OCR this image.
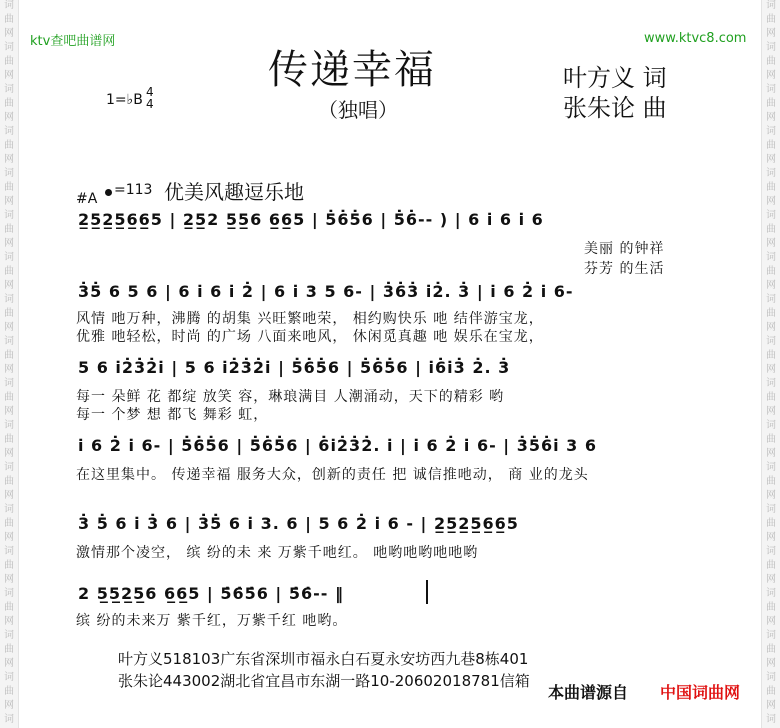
词
曲
网
词
曲
网
词
曲
网
词
曲
网
词
曲
网
词
曲
网
词
曲
网
词
曲
网
词
曲
网
词
曲
网
词
曲
网
词
曲
网
词
曲
网
词
曲
网
词
曲
网
词
曲
网
词
曲
网
词
词
曲
网
词
曲
网
词
曲
网
词
曲
网
词
曲
网
词
曲
网
词
曲
网
词
曲
网
词
曲
网
词
曲
网
词
曲
网
词
曲
网
词
曲
网
词
曲
网
词
曲
网
词
曲
网
词
曲
网
词
ktv查吧曲谱网	www.ktvc8.com
传递幸福
（独唱）
叶方义 词
张朱论 曲
1=♭B 4
4
#A
=113 优美风趣逗乐地
2̲5̲2̲5̲6̲6̲5 | 2̲5̲2 5̲5̲6 6̲6̲5 | 5̇6̇5̇6 | 5̇6̇-- ) | 6 i̇ 6 i̇ 6
美丽 的钟祥
芬芳 的生活
3̇5̇ 6 5 6 | 6 i̇ 6 i̇ 2̇ | 6 i̇ 3 5 6- | 3̇6̇3̇ i̇2̇. 3̇ | i̇ 6 2̇ i̇ 6-
风情 吔万种，沸腾 的胡集 兴旺繁吔荣， 相约购快乐 吔 结伴游宝龙，
优雅 吔轻松，时尚 的广场 八面来吔风， 休闲觅真趣 吔 娱乐在宝龙，
5 6 i̇2̇3̇2̇i̇ | 5 6 i̇2̇3̇2̇i̇ | 5̇6̇5̇6 | 5̇6̇5̇6 | i̇6̇i̇3̇ 2̇. 3̇
每一 朵鲜 花 都绽 放笑 容，琳琅满目 人潮涌动，天下的精彩 哟
每一 个梦 想 都飞 舞彩 虹，
i̇ 6 2̇ i̇ 6- | 5̇6̇5̇6 | 5̇6̇5̇6 | 6̇i̇2̇3̇2̇. i̇ | i̇ 6 2̇ i̇ 6- | 3̇5̇6̇i̇ 3 6
在这里集中。 传递幸福 服务大众，创新的责任 把 诚信推吔动， 商 业的龙头
3̇ 5̇ 6 i̇ 3̇ 6 | 3̇5̇ 6 i̇ 3. 6 | 5 6 2̇ i̇ 6 - | 2̲5̲2̲5̲6̲6̲5
激情那个凌空， 缤 纷的未 来 万紫千吔红。 吔哟吔哟吔吔哟
2 5̲5̲2̲5̲6 6̲6̲5 | 5̇6̇5̇6 | 5̇6̇-- ‖
缤 纷的未来万 紫千红，万紫千红 吔哟。
叶方义518103广东省深圳市福永白石夏永安坊西九巷8栋401
张朱论443002湖北省宜昌市东湖一路10-20602018781信箱
本曲谱源自 中国词曲网
